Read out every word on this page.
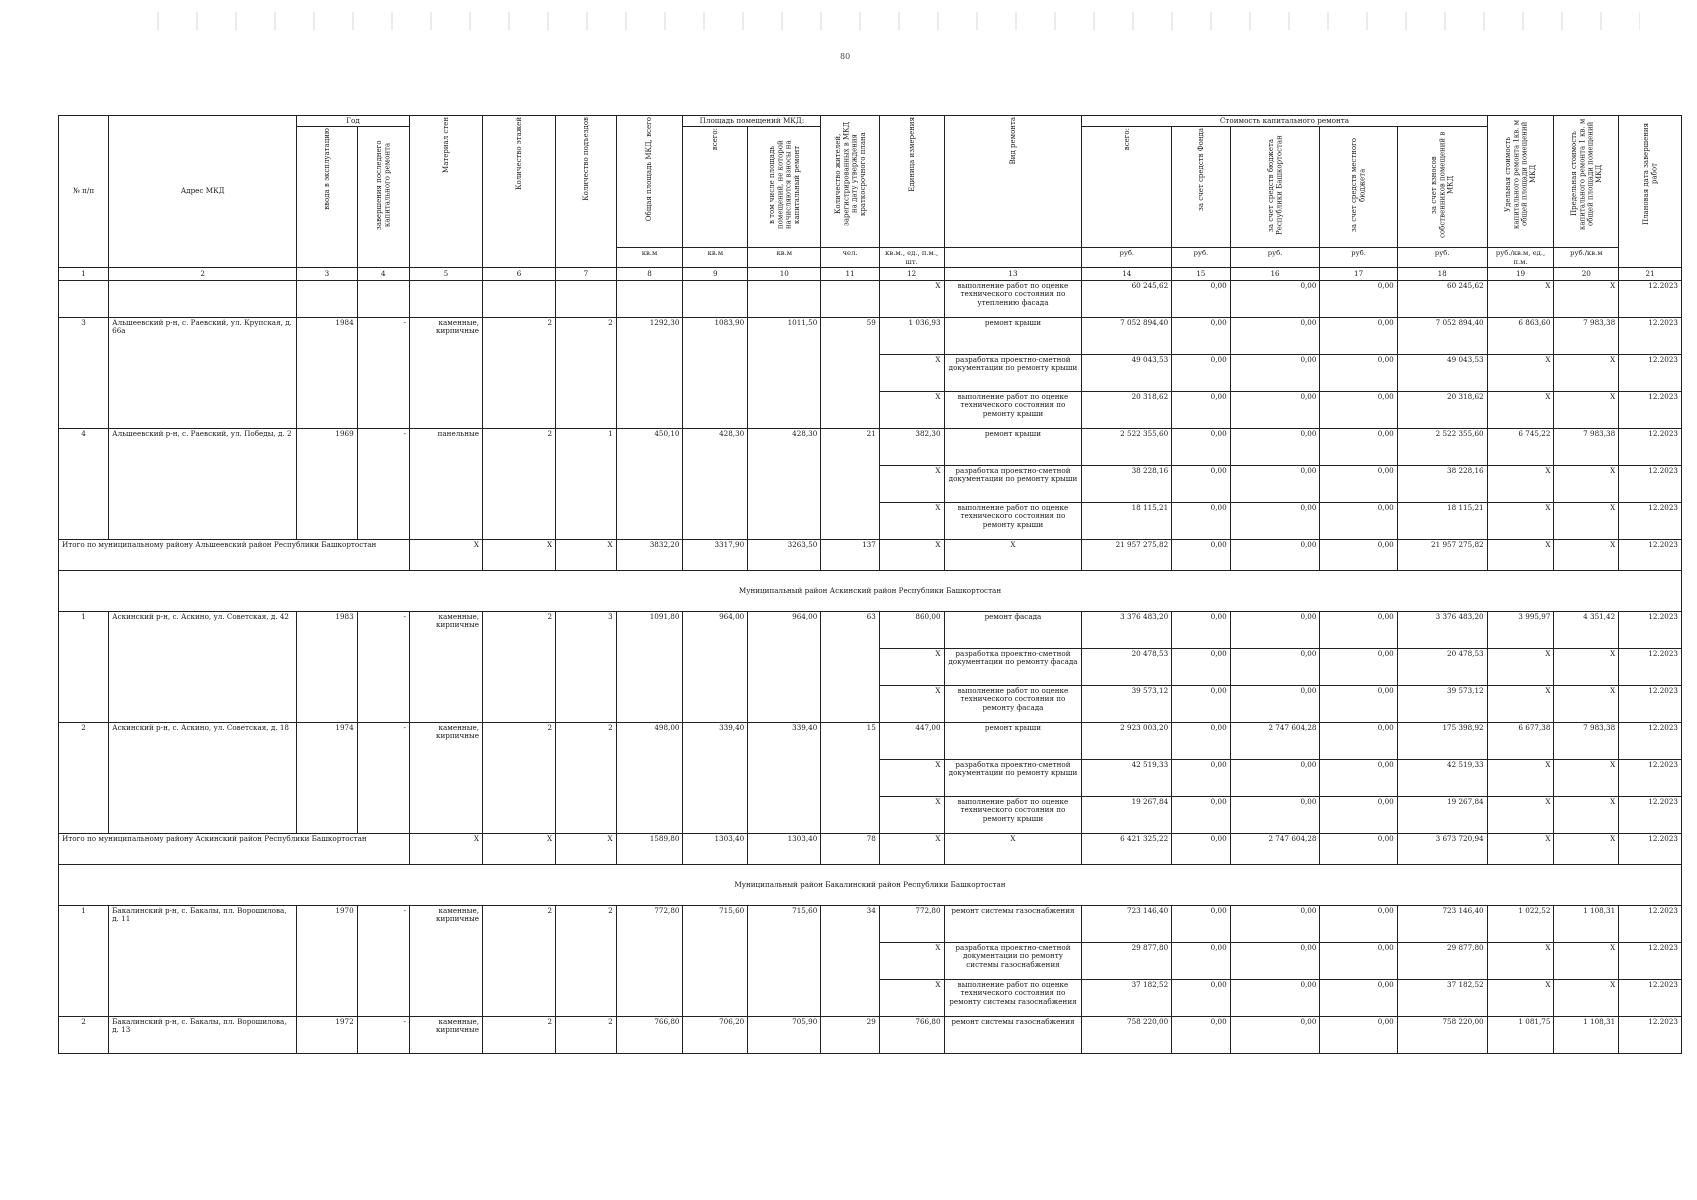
80
№ п/п	Адрес МКД	Год		Материал стен	Количество этажей	Количество подъездов	Общая площадь МКД, всего	Площадь помещений МКД:		Количество жителей, зарегистрированных в МКД на дату утверждения краткосрочного плана	Единица измерения	Вид ремонта	Стоимость капитального ремонта					Удельная стоимость капитального ремонта 1кв. м общей площади помещений МКД	Предельная стоимость капитального ремонта 1 кв. м общей площади помещений МКД	Плановая дата завершения работ

		ввода в эксплуатацию	завершения последнего капитального ремонта					всего:	в том числе площадь помещений, не которой начисляются взносы на капитальный ремонт				всего:	за счет средств Фонда	за счет средств бюджета Республики Башкортостан	за счет средств местного бюджета	за счет взносов собственников помещений в МКД			

							кв.м	кв.м	кв.м	чел.	кв.м., ед., п.м., шт.		руб.	руб.	руб.	руб.	руб.	руб./кв.м, ед., п.м.	руб./кв.м	
1	2	3	4	5	6	7	8	9	10	11	12	13	14	15	16	17	18	19	20	21
											X	выполнение работ по оценке технического состояния по утеплению фасада	60 245,62	0,00	0,00	0,00	60 245,62	X	X	12.2023
3	Альшеевский р-н, с. Раевский, ул. Крупская, д. 66а	1984	-	каменные, кирпичные	2	2	1292,30	1083,90	1011,50	59	1 036,93	ремонт крыши	7 052 894,40	0,00	0,00	0,00	7 052 894,40	6 863,60	7 983,38	12.2023
											X	разработка проектно-сметной документации по ремонту крыши	49 043,53	0,00	0,00	0,00	49 043,53	X	X	12.2023
											X	выполнение работ по оценке технического состояния по ремонту крыши	20 318,62	0,00	0,00	0,00	20 318,62	X	X	12.2023
4	Альшеевский р-н, с. Раевский, ул. Победы, д. 2	1969	-	панельные	2	1	450,10	428,30	428,30	21	382,30	ремонт крыши	2 522 355,60	0,00	0,00	0,00	2 522 355,60	6 745,22	7 983,38	12.2023
											X	разработка проектно-сметной документации по ремонту крыши	38 228,16	0,00	0,00	0,00	38 228,16	X	X	12.2023
											X	выполнение работ по оценке технического состояния по ремонту крыши	18 115,21	0,00	0,00	0,00	18 115,21	X	X	12.2023
Итого по муниципальному району Альшеевский район Республики Башкортостан				X	X	X	3832,20	3317,90	3263,50	137	X	X	21 957 275,82	0,00	0,00	0,00	21 957 275,82	X	X	12.2023
Муниципальный район Аскинский район Республики Башкортостан																				
1	Аскинский р-н, с. Аскино, ул. Советская, д. 42	1983	-	каменные, кирпичные	2	3	1091,80	964,00	964,00	63	860,00	ремонт фасада	3 376 483,20	0,00	0,00	0,00	3 376 483,20	3 995,97	4 351,42	12.2023
											X	разработка проектно-сметной документации по ремонту фасада	20 478,53	0,00	0,00	0,00	20 478,53	X	X	12.2023
											X	выполнение работ по оценке технического состояния по ремонту фасада	39 573,12	0,00	0,00	0,00	39 573,12	X	X	12.2023
2	Аскинский р-н, с. Аскино, ул. Советская, д. 18	1974	-	каменные, кирпичные	2	2	498,00	339,40	339,40	15	447,00	ремонт крыши	2 923 003,20	0,00	2 747 604,28	0,00	175 398,92	6 677,38	7 983,38	12.2023
											X	разработка проектно-сметной документации по ремонту крыши	42 519,33	0,00	0,00	0,00	42 519,33	X	X	12.2023
											X	выполнение работ по оценке технического состояния по ремонту крыши	19 267,84	0,00	0,00	0,00	19 267,84	X	X	12.2023
Итого по муниципальному району Аскинский район Республики Башкортостан				X	X	X	1589,80	1303,40	1303,40	78	X	X	6 421 325,22	0,00	2 747 604,28	0,00	3 673 720,94	X	X	12.2023
Муниципальный район Бакалинский район Республики Башкортостан																				
1	Бакалинский р-н, с. Бакалы, пл. Ворошилова, д. 11	1970	-	каменные, кирпичные	2	2	772,80	715,60	715,60	34	772,80	ремонт системы газоснабжения	723 146,40	0,00	0,00	0,00	723 146,40	1 022,52	1 108,31	12.2023
											X	разработка проектно-сметной документации по ремонту системы газоснабжения	29 877,80	0,00	0,00	0,00	29 877,80	X	X	12.2023
											X	выполнение работ по оценке технического состояния по ремонту системы газоснабжения	37 182,52	0,00	0,00	0,00	37 182,52	X	X	12.2023
2	Бакалинский р-н, с. Бакалы, пл. Ворошилова, д. 13	1972	-	каменные, кирпичные	2	2	766,80	706,20	705,90	29	766,80	ремонт системы газоснабжения	758 220,00	0,00	0,00	0,00	758 220,00	1 081,75	1 108,31	12.2023
